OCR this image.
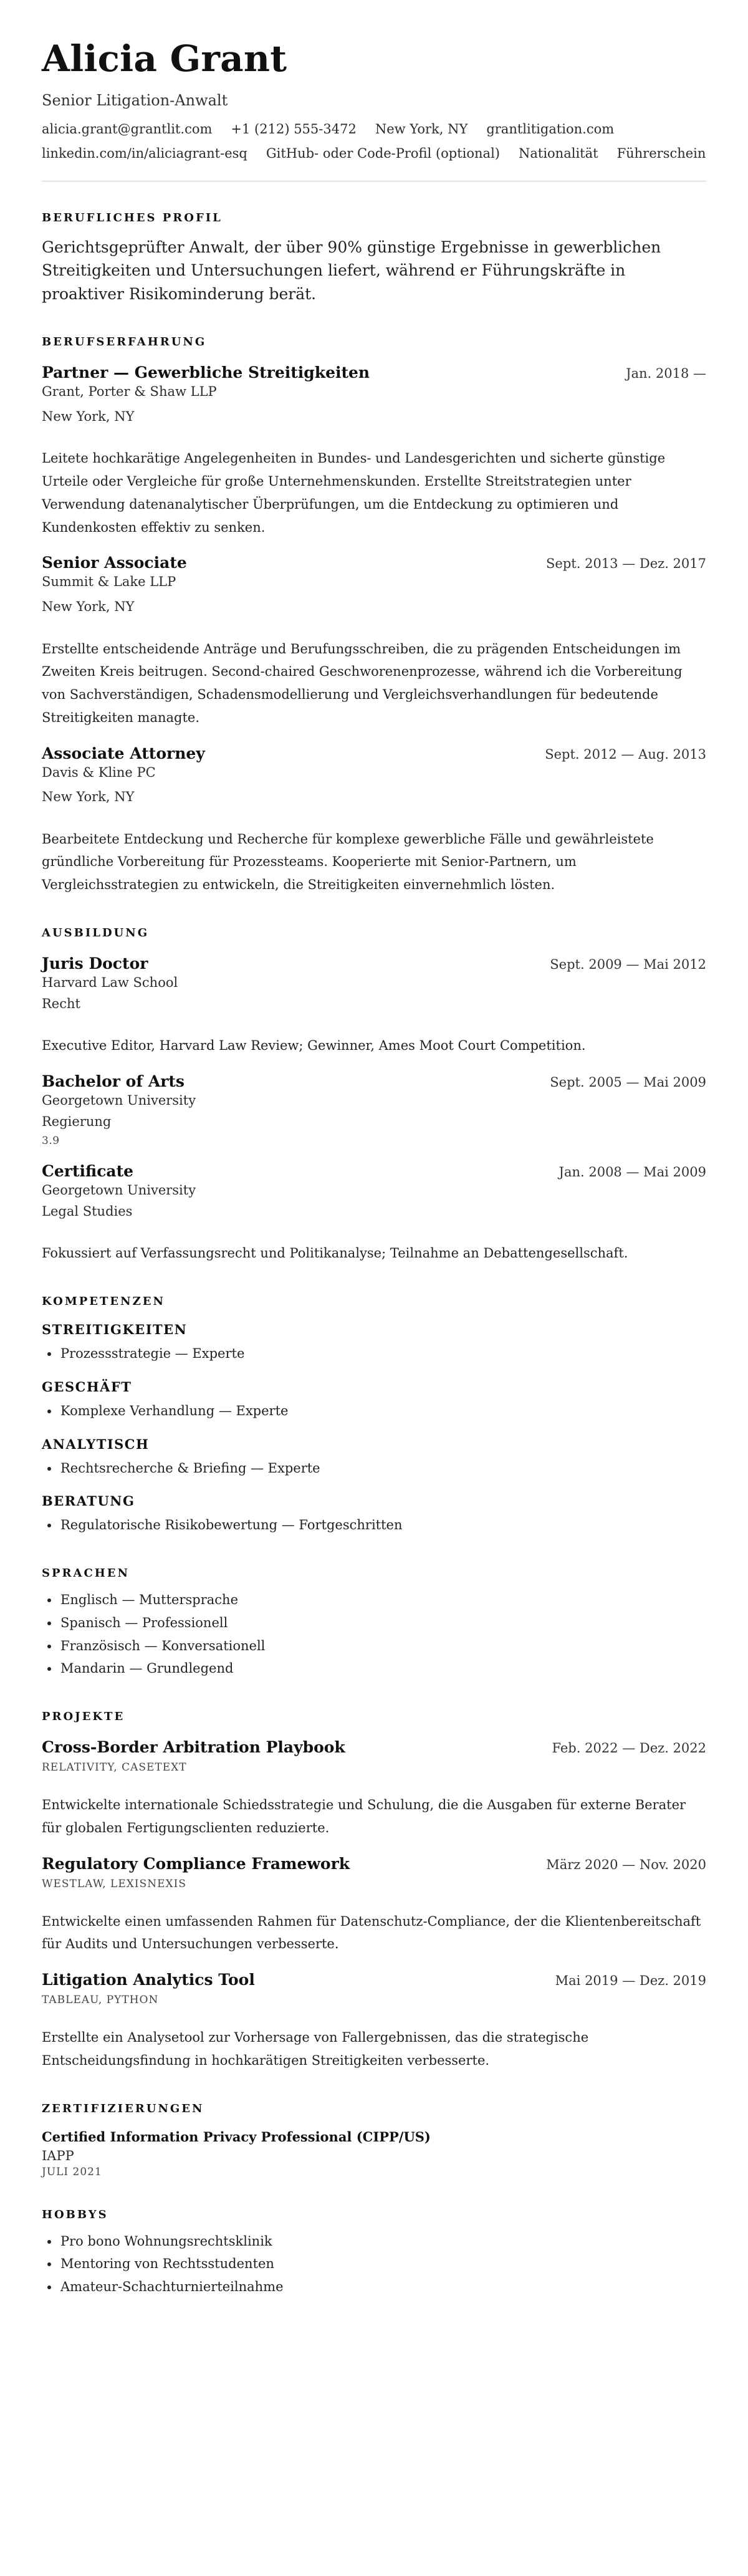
Alicia Grant
Senior Litigation-Anwalt
alicia.grant@grantlit.com +1 (212) 555-3472 New York, NY grantlitigation.com
linkedin.com/in/aliciagrant-esq GitHub- oder Code-Profil (optional) Nationalität Führerschein
BERUFLICHES PROFIL
Gerichtsgeprüfter Anwalt, der über 90% günstige Ergebnisse in gewerblichen Streitigkeiten und Untersuchungen liefert, während er Führungskräfte in proaktiver Risikominderung berät.
BERUFSERFAHRUNG
Partner — Gewerbliche Streitigkeiten	Jan. 2018 —
Grant, Porter & Shaw LLP
New York, NY
Leitete hochkarätige Angelegenheiten in Bundes- und Landesgerichten und sicherte günstige Urteile oder Vergleiche für große Unternehmenskunden. Erstellte Streitstrategien unter Verwendung datenanalytischer Überprüfungen, um die Entdeckung zu optimieren und Kundenkosten effektiv zu senken.
Senior Associate	Sept. 2013 — Dez. 2017
Summit & Lake LLP
New York, NY
Erstellte entscheidende Anträge und Berufungsschreiben, die zu prägenden Entscheidungen im Zweiten Kreis beitrugen. Second-chaired Geschworenenprozesse, während ich die Vorbereitung von Sachverständigen, Schadensmodellierung und Vergleichsverhandlungen für bedeutende Streitigkeiten managte.
Associate Attorney	Sept. 2012 — Aug. 2013
Davis & Kline PC
New York, NY
Bearbeitete Entdeckung und Recherche für komplexe gewerbliche Fälle und gewährleistete gründliche Vorbereitung für Prozessteams. Kooperierte mit Senior-Partnern, um Vergleichsstrategien zu entwickeln, die Streitigkeiten einvernehmlich lösten.
AUSBILDUNG
Juris Doctor	Sept. 2009 — Mai 2012
Harvard Law School
Recht
Executive Editor, Harvard Law Review; Gewinner, Ames Moot Court Competition.
Bachelor of Arts	Sept. 2005 — Mai 2009
Georgetown University
Regierung
3.9
Certificate	Jan. 2008 — Mai 2009
Georgetown University
Legal Studies
Fokussiert auf Verfassungsrecht und Politikanalyse; Teilnahme an Debattengesellschaft.
KOMPETENZEN
STREITIGKEITEN
• Prozessstrategie — Experte
GESCHÄFT
• Komplexe Verhandlung — Experte
ANALYTISCH
• Rechtsrecherche & Briefing — Experte
BERATUNG
• Regulatorische Risikobewertung — Fortgeschritten
SPRACHEN
• Englisch — Muttersprache
• Spanisch — Professionell
• Französisch — Konversationell
• Mandarin — Grundlegend
PROJEKTE
Cross-Border Arbitration Playbook	Feb. 2022 — Dez. 2022
RELATIVITY, CASETEXT
Entwickelte internationale Schiedsstrategie und Schulung, die die Ausgaben für externe Berater für globalen Fertigungsclienten reduzierte.
Regulatory Compliance Framework	März 2020 — Nov. 2020
WESTLAW, LEXISNEXIS
Entwickelte einen umfassenden Rahmen für Datenschutz-Compliance, der die Klientenbereitschaft für Audits und Untersuchungen verbesserte.
Litigation Analytics Tool	Mai 2019 — Dez. 2019
TABLEAU, PYTHON
Erstellte ein Analysetool zur Vorhersage von Fallergebnissen, das die strategische Entscheidungsfindung in hochkarätigen Streitigkeiten verbesserte.
ZERTIFIZIERUNGEN
Certified Information Privacy Professional (CIPP/US)
IAPP
JULI 2021
HOBBYS
• Pro bono Wohnungsrechtsklinik
• Mentoring von Rechtsstudenten
• Amateur-Schachturnierteilnahme
